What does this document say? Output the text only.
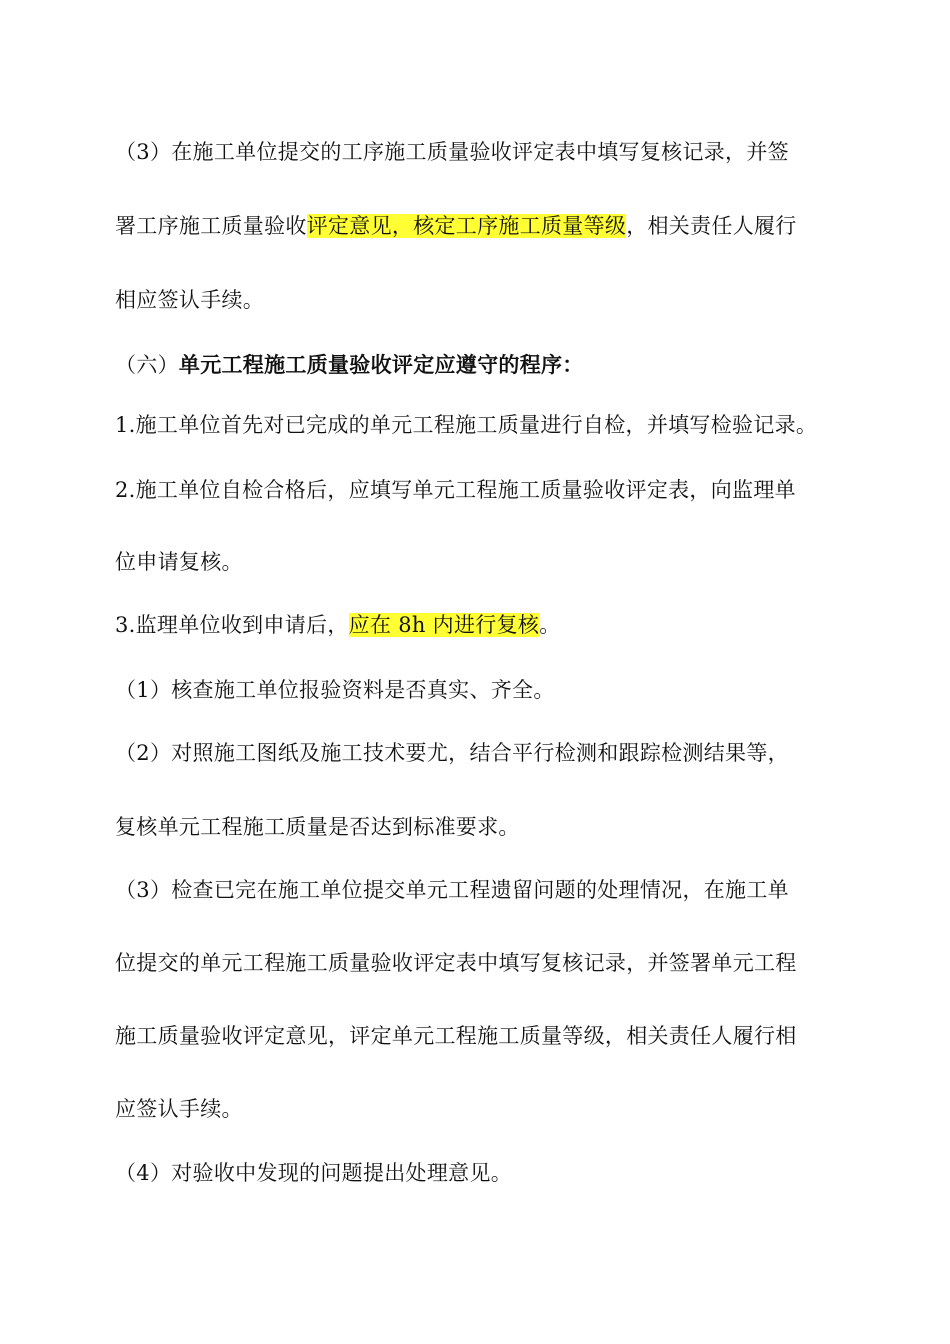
（3）在施工单位提交的工序施工质量验收评定表中填写复核记录，并签
署工序施工质量验收评定意见，核定工序施工质量等级，相关责任人履行
相应签认手续。
（六）单元工程施工质量验收评定应遵守的程序：
1.施工单位首先对已完成的单元工程施工质量进行自检，并填写检验记录。
2.施工单位自检合格后，应填写单元工程施工质量验收评定表，向监理单
位申请复核。
3.监理单位收到申请后，应在 8h 内进行复核。
（1）核查施工单位报验资料是否真实、齐全。
（2）对照施工图纸及施工技术要尤，结合平行检测和跟踪检测结果等，
复核单元工程施工质量是否达到标准要求。
（3）检查已完在施工单位提交单元工程遗留问题的处理情况，在施工单
位提交的单元工程施工质量验收评定表中填写复核记录，并签署单元工程
施工质量验收评定意见，评定单元工程施工质量等级，相关责任人履行相
应签认手续。
（4）对验收中发现的问题提出处理意见。
